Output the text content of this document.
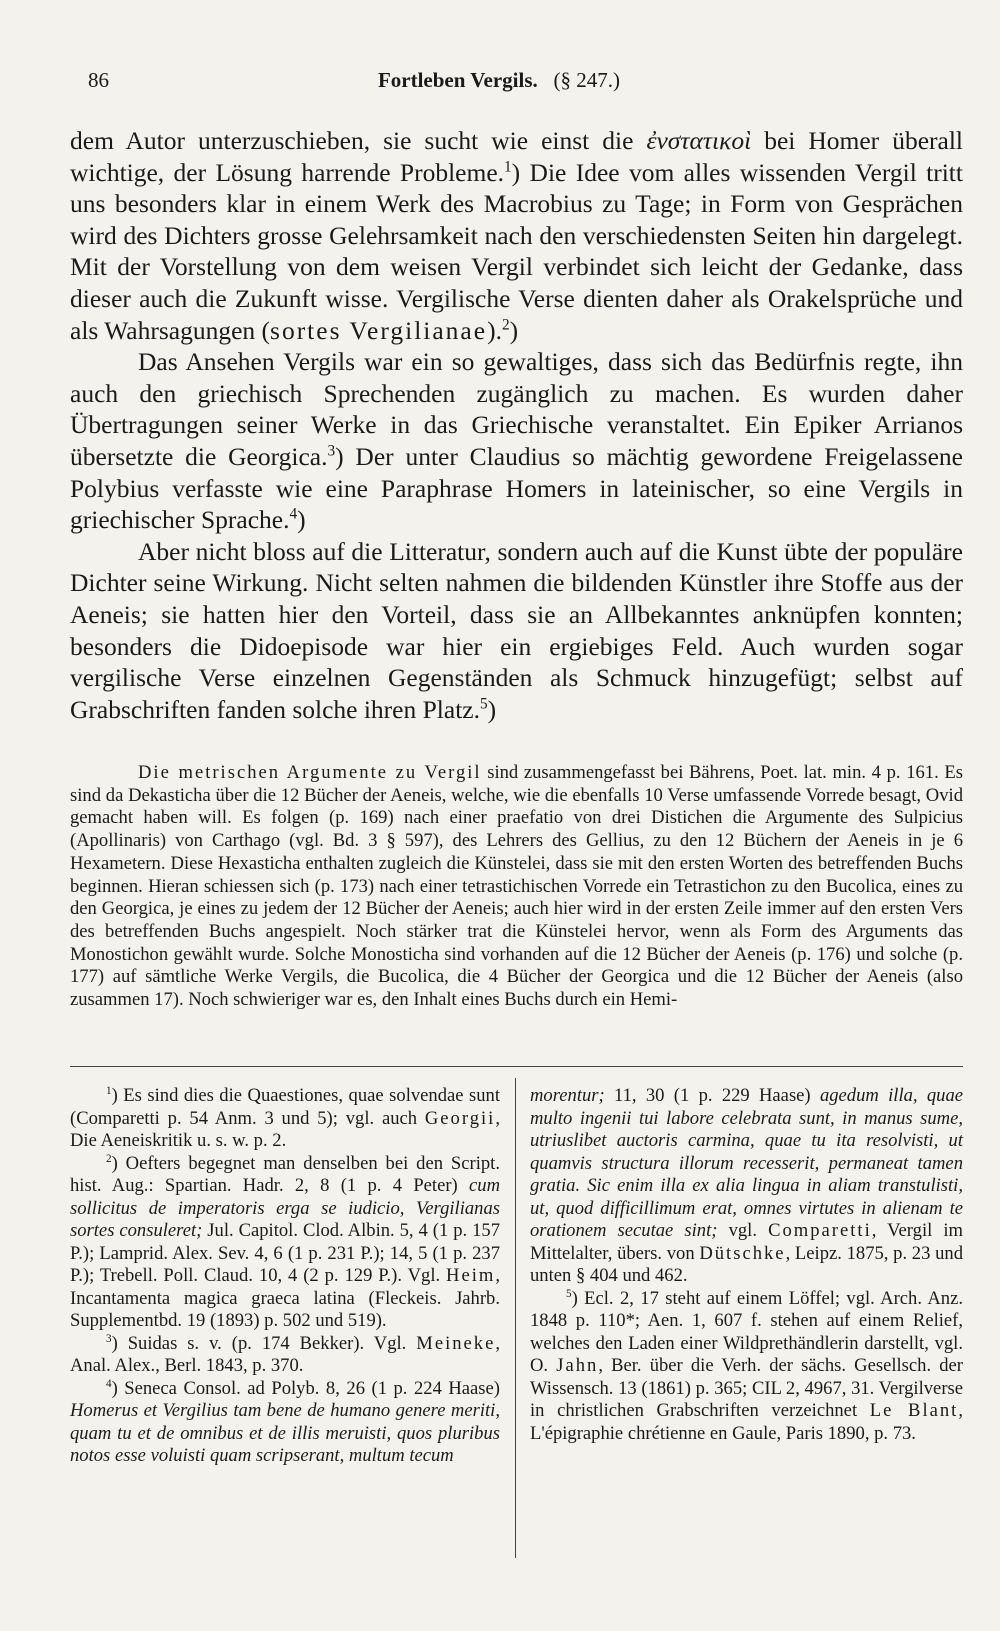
86	Fortleben Vergils. (§ 247.)

dem Autor unterzuschieben, sie sucht wie einst die ἐνστατικοὶ bei Homer überall wichtige, der Lösung harrende Probleme.$^1$) Die Idee vom alles wissenden Vergil tritt uns besonders klar in einem Werk des Macrobius zu Tage; in Form von Gesprächen wird des Dichters grosse Gelehrsamkeit nach den verschiedensten Seiten hin dargelegt. Mit der Vorstellung von dem weisen Vergil verbindet sich leicht der Gedanke, dass dieser auch die Zukunft wisse. Vergilische Verse dienten daher als Orakelsprüche und als Wahrsagungen (sortes Vergilianae).$^2$)

Das Ansehen Vergils war ein so gewaltiges, dass sich das Bedürfnis regte, ihn auch den griechisch Sprechenden zugänglich zu machen. Es wurden daher Übertragungen seiner Werke in das Griechische veranstaltet. Ein Epiker Arrianos übersetzte die Georgica.$^3$) Der unter Claudius so mächtig gewordene Freigelassene Polybius verfasste wie eine Paraphrase Homers in lateinischer, so eine Vergils in griechischer Sprache.$^4$)

Aber nicht bloss auf die Litteratur, sondern auch auf die Kunst übte der populäre Dichter seine Wirkung. Nicht selten nahmen die bildenden Künstler ihre Stoffe aus der Aeneis; sie hatten hier den Vorteil, dass sie an Allbekanntes anknüpfen konnten; besonders die Didoepisode war hier ein ergiebiges Feld. Auch wurden sogar vergilische Verse einzelnen Gegenständen als Schmuck hinzugefügt; selbst auf Grabschriften fanden solche ihren Platz.$^5$)

Die metrischen Argumente zu Vergil sind zusammengefasst bei Bährens, Poet. lat. min. 4 p. 161. Es sind da Dekasticha über die 12 Bücher der Aeneis, welche, wie die ebenfalls 10 Verse umfassende Vorrede besagt, Ovid gemacht haben will. Es folgen (p. 169) nach einer praefatio von drei Distichen die Argumente des Sulpicius (Apollinaris) von Carthago (vgl. Bd. 3 § 597), des Lehrers des Gellius, zu den 12 Büchern der Aeneis in je 6 Hexametern. Diese Hexasticha enthalten zugleich die Künstelei, dass sie mit den ersten Worten des betreffenden Buchs beginnen. Hieran schiessen sich (p. 173) nach einer tetrastichischen Vorrede ein Tetrastichon zu den Bucolica, eines zu den Georgica, je eines zu jedem der 12 Bücher der Aeneis; auch hier wird in der ersten Zeile immer auf den ersten Vers des betreffenden Buchs angespielt. Noch stärker trat die Künstelei hervor, wenn als Form des Arguments das Monostichon gewählt wurde. Solche Monosticha sind vorhanden auf die 12 Bücher der Aeneis (p. 176) und solche (p. 177) auf sämtliche Werke Vergils, die Bucolica, die 4 Bücher der Georgica und die 12 Bücher der Aeneis (also zusammen 17). Noch schwieriger war es, den Inhalt eines Buchs durch ein Hemi-

$^1$) Es sind dies die Quaestiones, quae solvendae sunt (Comparetti p. 54 Anm. 3 und 5); vgl. auch Georgii, Die Aeneiskritik u. s. w. p. 2.

$^2$) Oefters begegnet man denselben bei den Script. hist. Aug.: Spartian. Hadr. 2, 8 (1 p. 4 Peter) cum sollicitus de imperatoris erga se iudicio, Vergilianas sortes consuleret; Jul. Capitol. Clod. Albin. 5, 4 (1 p. 157 P.); Lamprid. Alex. Sev. 4, 6 (1 p. 231 P.); 14, 5 (1 p. 237 P.); Trebell. Poll. Claud. 10, 4 (2 p. 129 P.). Vgl. Heim, Incantamenta magica graeca latina (Fleckeis. Jahrb. Supplementbd. 19 (1893) p. 502 und 519).

$^3$) Suidas s. v. (p. 174 Bekker). Vgl. Meineke, Anal. Alex., Berl. 1843, p. 370.

$^4$) Seneca Consol. ad Polyb. 8, 26 (1 p. 224 Haase) Homerus et Vergilius tam bene de humano genere meriti, quam tu et de omnibus et de illis meruisti, quos pluribus notos esse voluisti quam scripserant, multum tecum

morentur; 11, 30 (1 p. 229 Haase) agedum illa, quae multo ingenii tui labore celebrata sunt, in manus sume, utriuslibet auctoris carmina, quae tu ita resolvisti, ut quamvis structura illorum recesserit, permaneat tamen gratia. Sic enim illa ex alia lingua in aliam transtulisti, ut, quod difficillimum erat, omnes virtutes in alienam te orationem secutae sint; vgl. Comparetti, Vergil im Mittelalter, übers. von Dütschke, Leipz. 1875, p. 23 und unten § 404 und 462.

$^5$) Ecl. 2, 17 steht auf einem Löffel; vgl. Arch. Anz. 1848 p. 110*; Aen. 1, 607 f. stehen auf einem Relief, welches den Laden einer Wildprethändlerin darstellt, vgl. O. Jahn, Ber. über die Verh. der sächs. Gesellsch. der Wissensch. 13 (1861) p. 365; CIL 2, 4967, 31. Vergilverse in christlichen Grabschriften verzeichnet Le Blant, L'épigraphie chrétienne en Gaule, Paris 1890, p. 73.
